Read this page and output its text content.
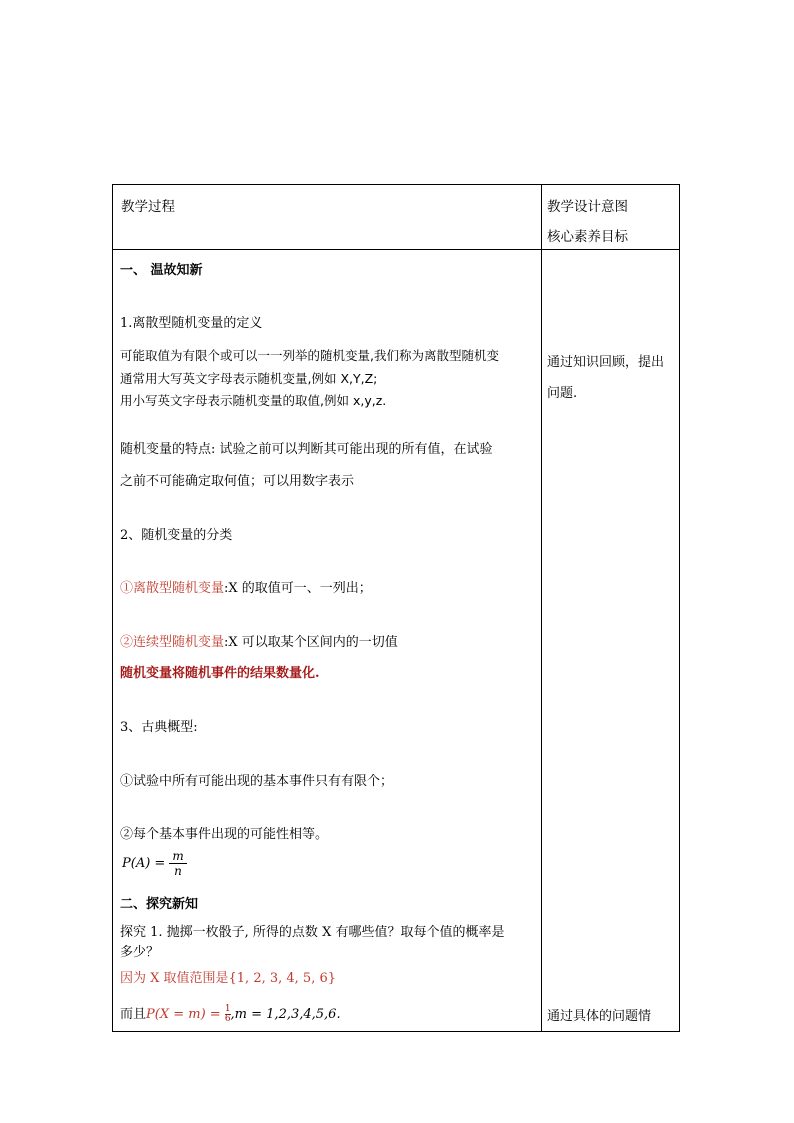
教学过程	教学设计意图
核心素养目标
一、 温故知新
1.离散型随机变量的定义
可能取值为有限个或可以一一列举的随机变量,我们称为离散型随机变
通常用大写英文字母表示随机变量,例如 X,Y,Z;
用小写英文字母表示随机变量的取值,例如 x,y,z.
随机变量的特点: 试验之前可以判断其可能出现的所有值，在试验
之前不可能确定取何值；可以用数字表示
2、随机变量的分类
①离散型随机变量:X 的取值可一、一列出；
②连续型随机变量:X 可以取某个区间内的一切值
随机变量将随机事件的结果数量化.
3、古典概型:
①试验中所有可能出现的基本事件只有有限个；
②每个基本事件出现的可能性相等。
$P(A) = \frac{m}{n}$
二、探究新知
探究 1. 抛掷一枚骰子, 所得的点数 X 有哪些值？取每个值的概率是
多少？
因为 X 取值范围是{1, 2, 3, 4, 5, 6}
而且$P(X = m) = \frac{1}{6},m = 1,2,3,4,5,6$.
通过知识回顾，提出
问题.
通过具体的问题情
